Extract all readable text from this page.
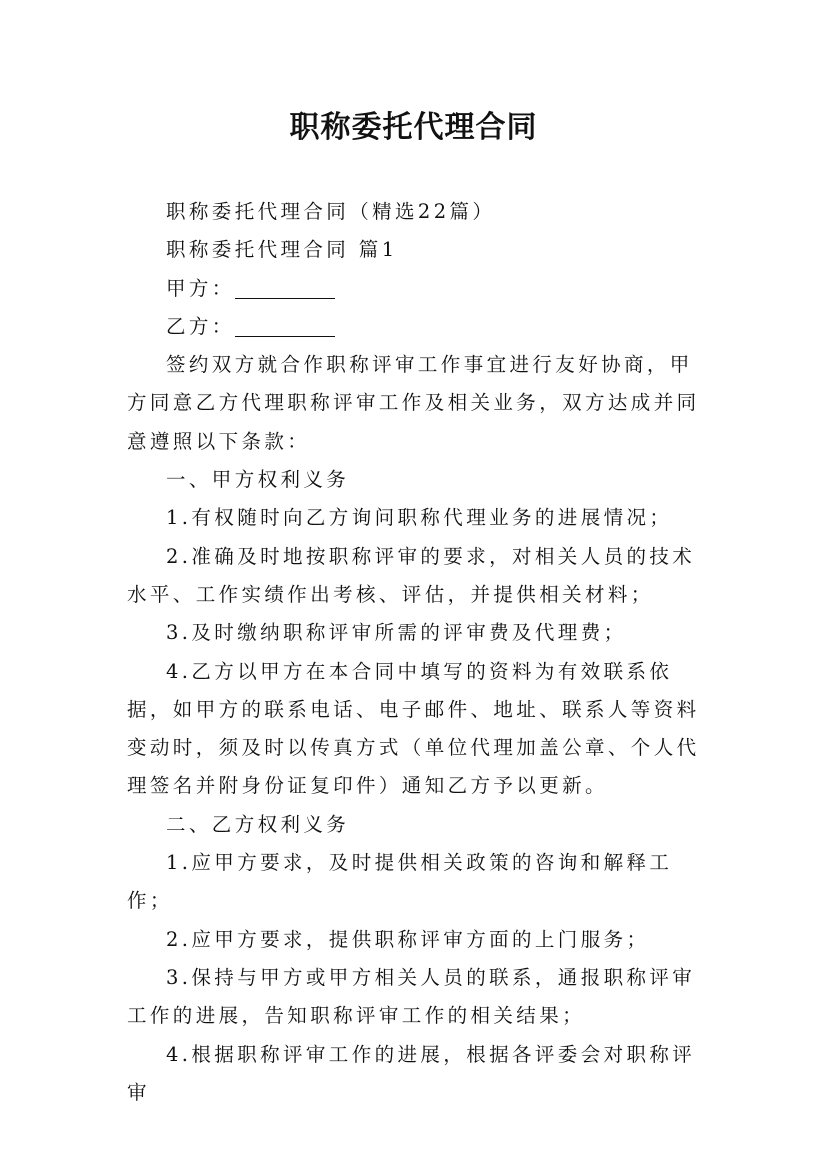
职称委托代理合同

职称委托代理合同（精选22篇）

职称委托代理合同 篇1

甲方：

乙方：

签约双方就合作职称评审工作事宜进行友好协商，甲方同意乙方代理职称评审工作及相关业务，双方达成并同意遵照以下条款：

一、甲方权利义务

1.有权随时向乙方询问职称代理业务的进展情况；

2.准确及时地按职称评审的要求，对相关人员的技术水平、工作实绩作出考核、评估，并提供相关材料；

3.及时缴纳职称评审所需的评审费及代理费；

4.乙方以甲方在本合同中填写的资料为有效联系依据，如甲方的联系电话、电子邮件、地址、联系人等资料变动时，须及时以传真方式（单位代理加盖公章、个人代理签名并附身份证复印件）通知乙方予以更新。

二、乙方权利义务

1.应甲方要求，及时提供相关政策的咨询和解释工作；

2.应甲方要求，提供职称评审方面的上门服务；

3.保持与甲方或甲方相关人员的联系，通报职称评审工作的进展，告知职称评审工作的相关结果；

4.根据职称评审工作的进展，根据各评委会对职称评审
